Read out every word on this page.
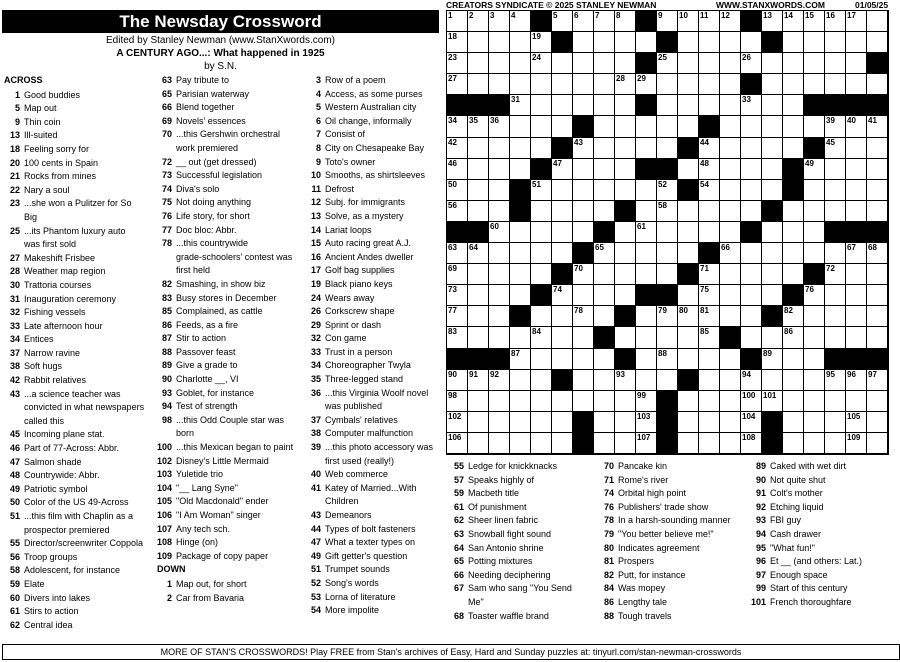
The Newsday Crossword
Edited by Stanley Newman (www.StanXwords.com)
A CENTURY AGO...: What happened in 1925
by S.N.
CREATORS SYNDICATE © 2025 STANLEY NEWMAN	WWW.STANXWORDS.COM	01/05/25
ACROSS
1 Good buddies
5 Map out
9 Thin coin
13 Ill-suited
18 Feeling sorry for
20 100 cents in Spain
21 Rocks from mines
22 Nary a soul
23 ...she won a Pulitzer for So
Big
25 ...its Phantom luxury auto
was first sold
27 Makeshift Frisbee
28 Weather map region
30 Trattoria courses
31 Inauguration ceremony
32 Fishing vessels
33 Late afternoon hour
34 Entices
37 Narrow ravine
38 Soft hugs
42 Rabbit relatives
43 ...a science teacher was
convicted in what newspapers
called this
45 Incoming plane stat.
46 Part of 77-Across: Abbr.
47 Salmon shade
48 Countrywide: Abbr.
49 Patriotic symbol
50 Color of the US 49-Across
51 ...this film with Chaplin as a
prospector premiered
55 Director/screenwriter Coppola
56 Troop groups
58 Adolescent, for instance
59 Elate
60 Divers into lakes
61 Stirs to action
62 Central idea
63 Pay tribute to
65 Parisian waterway
66 Blend together
69 Novels' essences
70 ...this Gershwin orchestral
work premiered
72 __ out (get dressed)
73 Successful legislation
74 Diva's solo
75 Not doing anything
76 Life story, for short
77 Doc bloc: Abbr.
78 ...this countrywide
grade-schoolers' contest was
first held
82 Smashing, in show biz
83 Busy stores in December
85 Complained, as cattle
86 Feeds, as a fire
87 Stir to action
88 Passover feast
89 Give a grade to
90 Charlotte __, VI
93 Goblet, for instance
94 Test of strength
98 ...this Odd Couple star was
born
100 ...this Mexican began to paint
102 Disney's Little Mermaid
103 Yuletide trio
104 "__ Lang Syne"
105 "Old Macdonald" ender
106 "I Am Woman" singer
107 Any tech sch.
108 Hinge (on)
109 Package of copy paper
DOWN
1 Map out, for short
2 Car from Bavaria
3 Row of a poem
4 Access, as some purses
5 Western Australian city
6 Oil change, informally
7 Consist of
8 City on Chesapeake Bay
9 Toto's owner
10 Smooths, as shirtsleeves
11 Defrost
12 Subj. for immigrants
13 Solve, as a mystery
14 Lariat loops
15 Auto racing great A.J.
16 Ancient Andes dweller
17 Golf bag supplies
19 Black piano keys
24 Wears away
26 Corkscrew shape
29 Sprint or dash
32 Con game
33 Trust in a person
34 Choreographer Twyla
35 Three-legged stand
36 ...this Virginia Woolf novel
was published
37 Cymbals' relatives
38 Computer malfunction
39 ...this photo accessory was
first used (really!)
40 Web commerce
41 Katey of Married...With
Children
43 Demeanors
44 Types of bolt fasteners
47 What a texter types on
49 Gift getter's question
51 Trumpet sounds
52 Song's words
53 Lorna of literature
54 More impolite
1 2 3 4	5 6 7 8	9 10 11 12	13 14 15 16 17
18	19
23	24	25	26
27	28 29
31	33
34 35 36	39 40 41
42	43	44	45
46	47	48	49
50	51	52	54
56	58
60	61
63 64	65	66	67 68
69	70	71	72
73	74	75	76
77	78	79 80 81	82
83	84	85	86
87	88	89
90 91 92	93	94	95 96 97
98	99	100 101
102	103	104	105
106	107	108	109
55 Ledge for knickknacks
57 Speaks highly of
59 Macbeth title
61 Of punishment
62 Sheer linen fabric
63 Snowball fight sound
64 San Antonio shrine
65 Potting mixtures
66 Needing deciphering
67 Sam who sang "You Send
Me"
68 Toaster waffle brand
70 Pancake kin
71 Rome's river
74 Orbital high point
76 Publishers' trade show
78 In a harsh-sounding manner
79 "You better believe me!"
80 Indicates agreement
81 Prospers
82 Putt, for instance
84 Was mopey
86 Lengthy tale
88 Tough travels
89 Caked with wet dirt
90 Not quite shut
91 Colt's mother
92 Etching liquid
93 FBI guy
94 Cash drawer
95 "What fun!"
96 Et __ (and others: Lat.)
97 Enough space
99 Start of this century
101 French thoroughfare
MORE OF STAN'S CROSSWORDS! Play FREE from Stan's archives of Easy, Hard and Sunday puzzles at: tinyurl.com/stan-newman-crosswords
